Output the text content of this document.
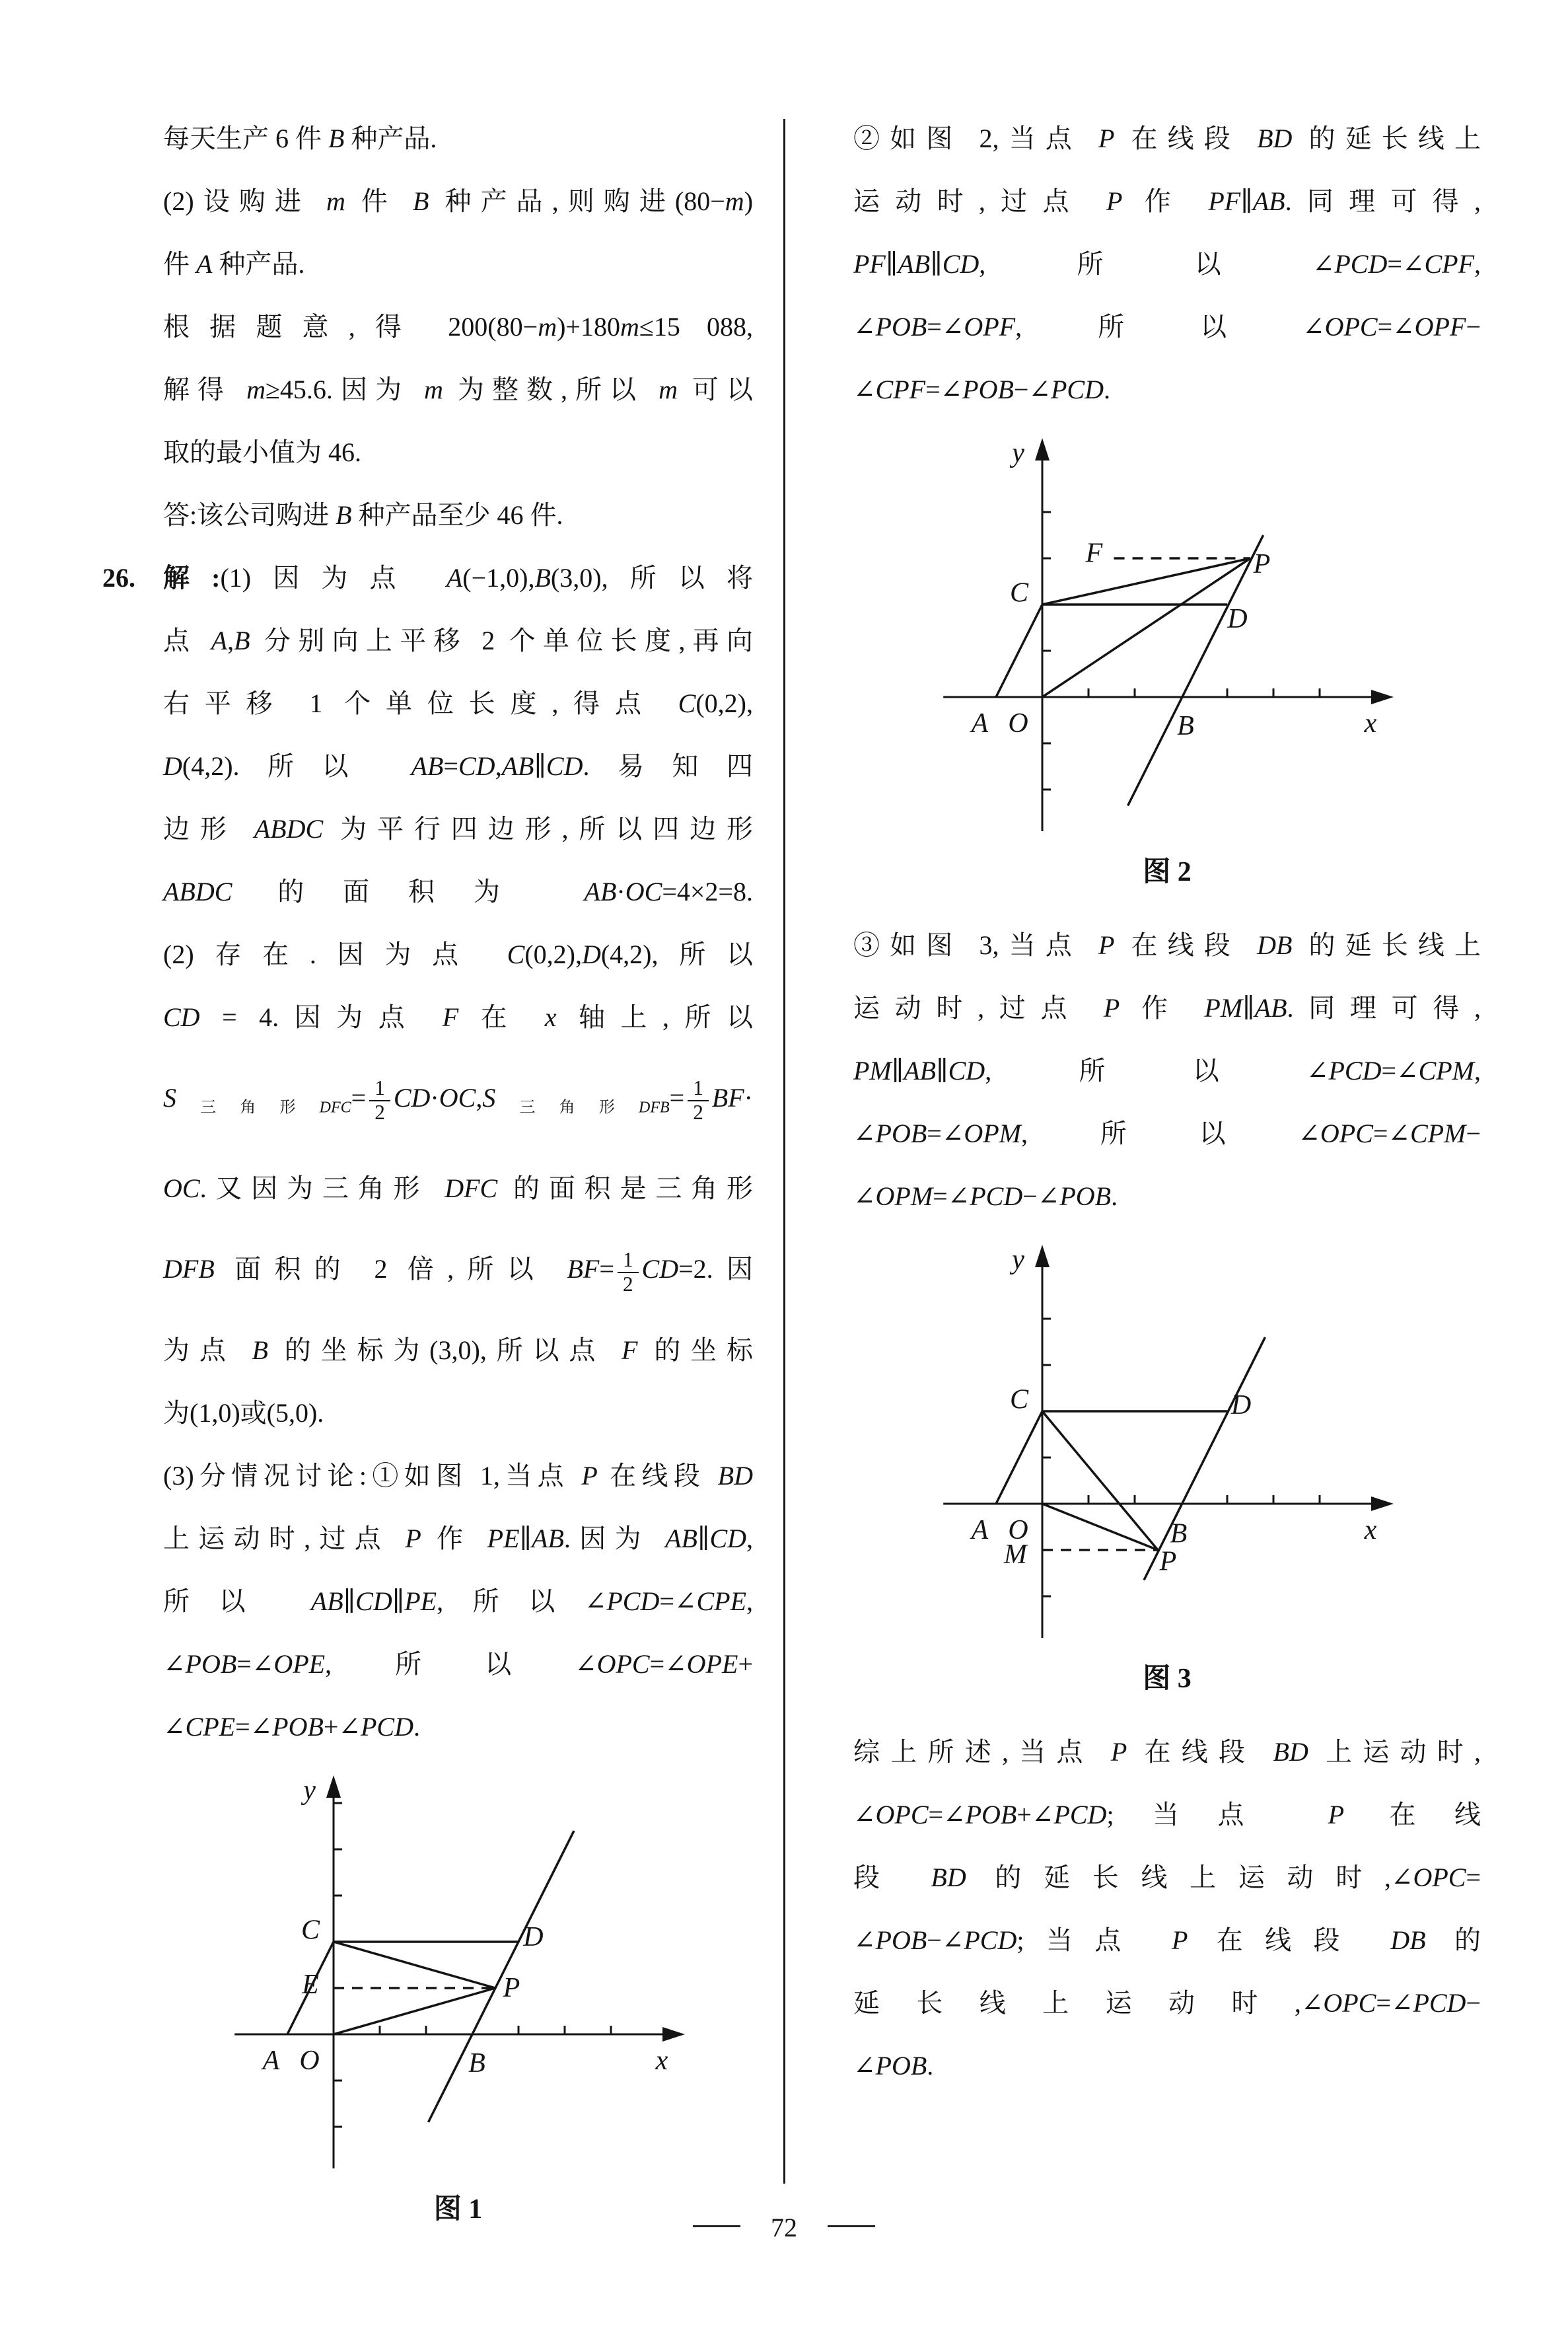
每天生产 6 件 B 种产品.
(2)设购进 m 件 B 种产品,则购进(80−m)
件 A 种产品.
根据题意,得 200(80−m)+180m≤15 088,
解得 m≥45.6.因为 m 为整数,所以 m 可以
取的最小值为 46.
答:该公司购进 B 种产品至少 46 件.
26. 解:(1)因为点 A(−1,0),B(3,0),所以将
点 A,B 分别向上平移 2 个单位长度,再向
右平移 1 个单位长度,得点 C(0,2),
D(4,2).所以 AB=CD,AB∥CD.易知四
边形 ABDC 为平行四边形,所以四边形
ABDC 的面积为 AB·OC=4×2=8.
(2)存在.因为点 C(0,2),D(4,2),所以
CD = 4.因为点 F 在 x 轴上,所以
$S_{三角形DFC}= \frac{1}{2} CD\cdot OC,S_{三角形DFB}= \frac{1}{2} BF\cdot$
OC.又因为三角形 DFC 的面积是三角形
DFB 面积的 2 倍,所以 $BF= \frac{1}{2} CD=2$.因
为点 B 的坐标为(3,0),所以点 F 的坐标
为(1,0)或(5,0).
(3)分情况讨论:①如图 1,当点 P 在线段 BD
上运动时,过点 P 作 PE∥AB.因为 AB∥CD,
所以 AB∥CD∥PE,所以∠PCD=∠CPE,
∠POB=∠OPE,所以∠OPC=∠OPE+
∠CPE=∠POB+∠PCD.
A O	B
C	D
E	P
x
y
图 1
②如图 2,当点 P 在线段 BD 的延长线上
运动时,过点 P 作 PF∥AB.同理可得,
PF∥AB∥CD,所以∠PCD=∠CPF,
∠POB=∠OPF,所以∠OPC=∠OPF−
∠CPF=∠POB−∠PCD.
A O	B
C
D
F	P
x
y
图 2
③如图 3,当点 P 在线段 DB 的延长线上
运动时,过点 P 作 PM∥AB.同理可得,
PM∥AB∥CD,所以∠PCD=∠CPM,
∠POB=∠OPM,所以∠OPC=∠CPM−
∠OPM=∠PCD−∠POB.
A O	B
C	D
M	P
x
y
图 3
综上所述,当点 P 在线段 BD 上运动时,
∠OPC=∠POB+∠PCD;当点 P 在线
段 BD 的延长线上运动时,∠OPC=
∠POB−∠PCD;当点 P 在线段 DB 的
延长线上运动时,∠OPC=∠PCD−
∠POB.
72
